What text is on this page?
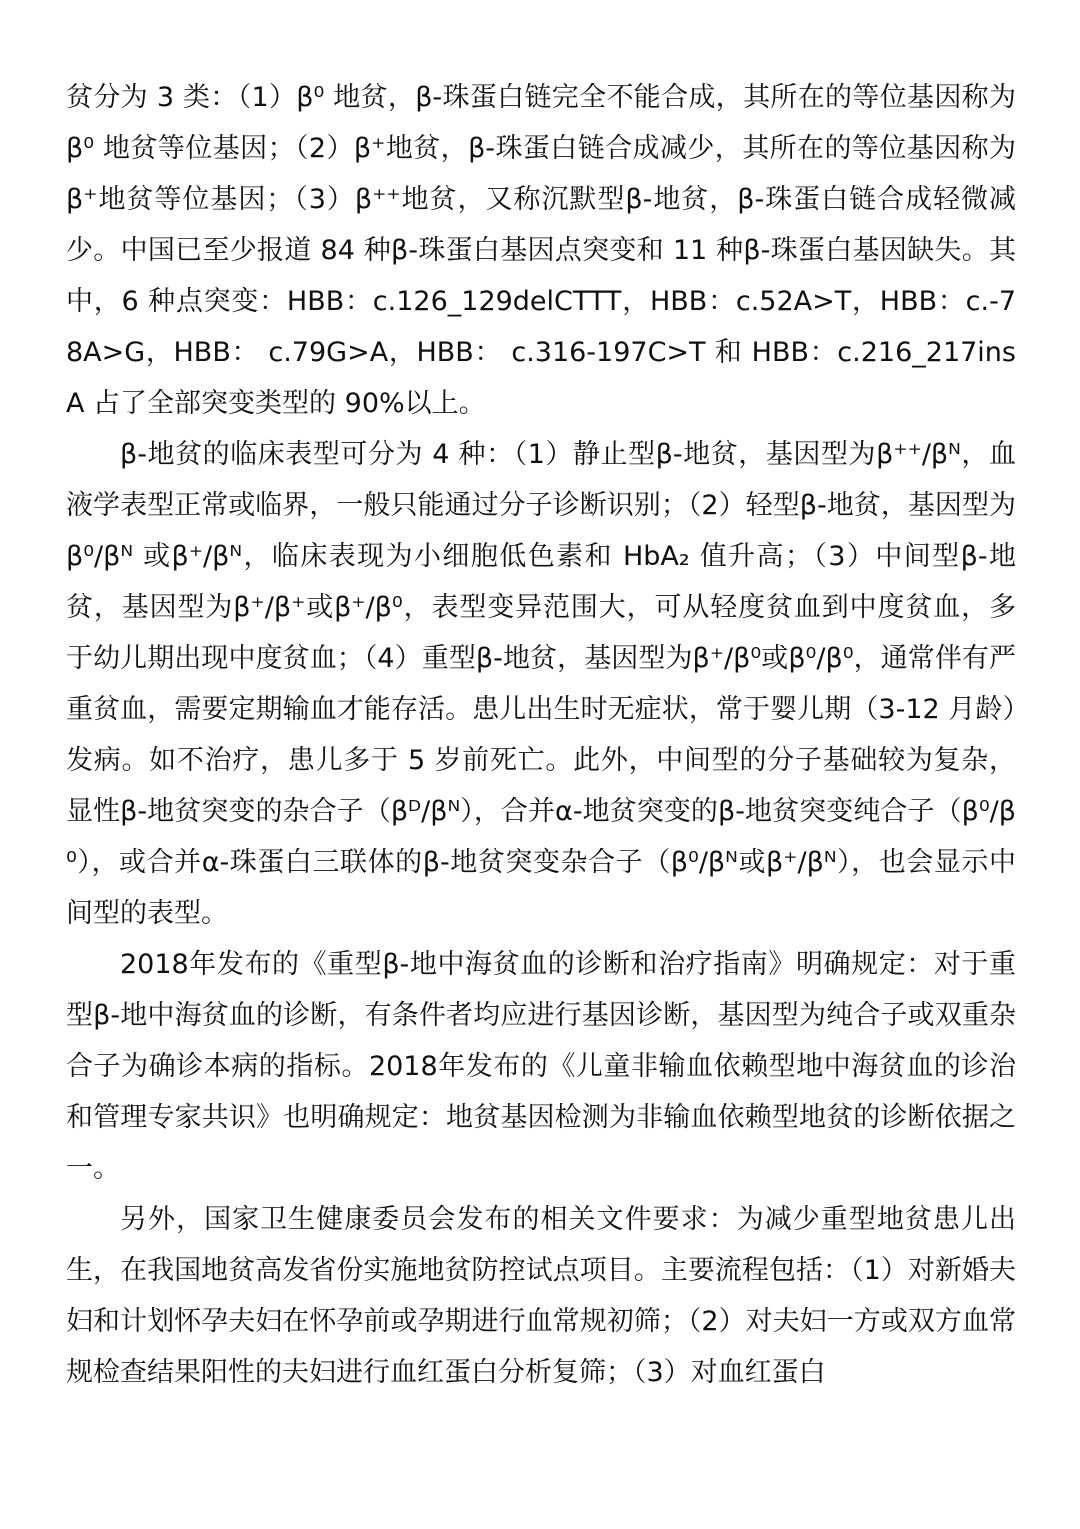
贫分为 3 类：（1）β⁰ 地贫，β-珠蛋白链完全不能合成，其所在的等位基因称为β⁰ 地贫等位基因；（2）β⁺地贫，β-珠蛋白链合成减少，其所在的等位基因称为β⁺地贫等位基因；（3）β⁺⁺地贫，又称沉默型β-地贫，β-珠蛋白链合成轻微减少。中国已至少报道 84 种β-珠蛋白基因点突变和 11 种β-珠蛋白基因缺失。其中，6 种点突变：HBB：c.126_129delCTTT，HBB：c.52A>T，HBB：c.-78A>G，HBB： c.79G>A，HBB： c.316-197C>T 和 HBB：c.216_217insA 占了全部突变类型的 90%以上。

β-地贫的临床表型可分为 4 种：（1）静止型β-地贫，基因型为β⁺⁺/βᴺ，血液学表型正常或临界，一般只能通过分子诊断识别；（2）轻型β-地贫，基因型为β⁰/βᴺ 或β⁺/βᴺ，临床表现为小细胞低色素和 HbA₂ 值升高；（3）中间型β-地贫，基因型为β⁺/β⁺或β⁺/β⁰，表型变异范围大，可从轻度贫血到中度贫血，多于幼儿期出现中度贫血；（4）重型β-地贫，基因型为β⁺/β⁰或β⁰/β⁰，通常伴有严重贫血，需要定期输血才能存活。患儿出生时无症状，常于婴儿期（3-12 月龄）发病。如不治疗，患儿多于 5 岁前死亡。此外，中间型的分子基础较为复杂，显性β-地贫突变的杂合子（βᴰ/βᴺ），合并α-地贫突变的β-地贫突变纯合子（β⁰/β⁰），或合并α-珠蛋白三联体的β-地贫突变杂合子（β⁰/βᴺ或β⁺/βᴺ），也会显示中间型的表型。

2018年发布的《重型β-地中海贫血的诊断和治疗指南》明确规定：对于重型β-地中海贫血的诊断，有条件者均应进行基因诊断，基因型为纯合子或双重杂合子为确诊本病的指标。2018年发布的《儿童非输血依赖型地中海贫血的诊治和管理专家共识》也明确规定：地贫基因检测为非输血依赖型地贫的诊断依据之一。

另外，国家卫生健康委员会发布的相关文件要求：为减少重型地贫患儿出生，在我国地贫高发省份实施地贫防控试点项目。主要流程包括：（1）对新婚夫妇和计划怀孕夫妇在怀孕前或孕期进行血常规初筛；（2）对夫妇一方或双方血常规检查结果阳性的夫妇进行血红蛋白分析复筛；（3）对血红蛋白
